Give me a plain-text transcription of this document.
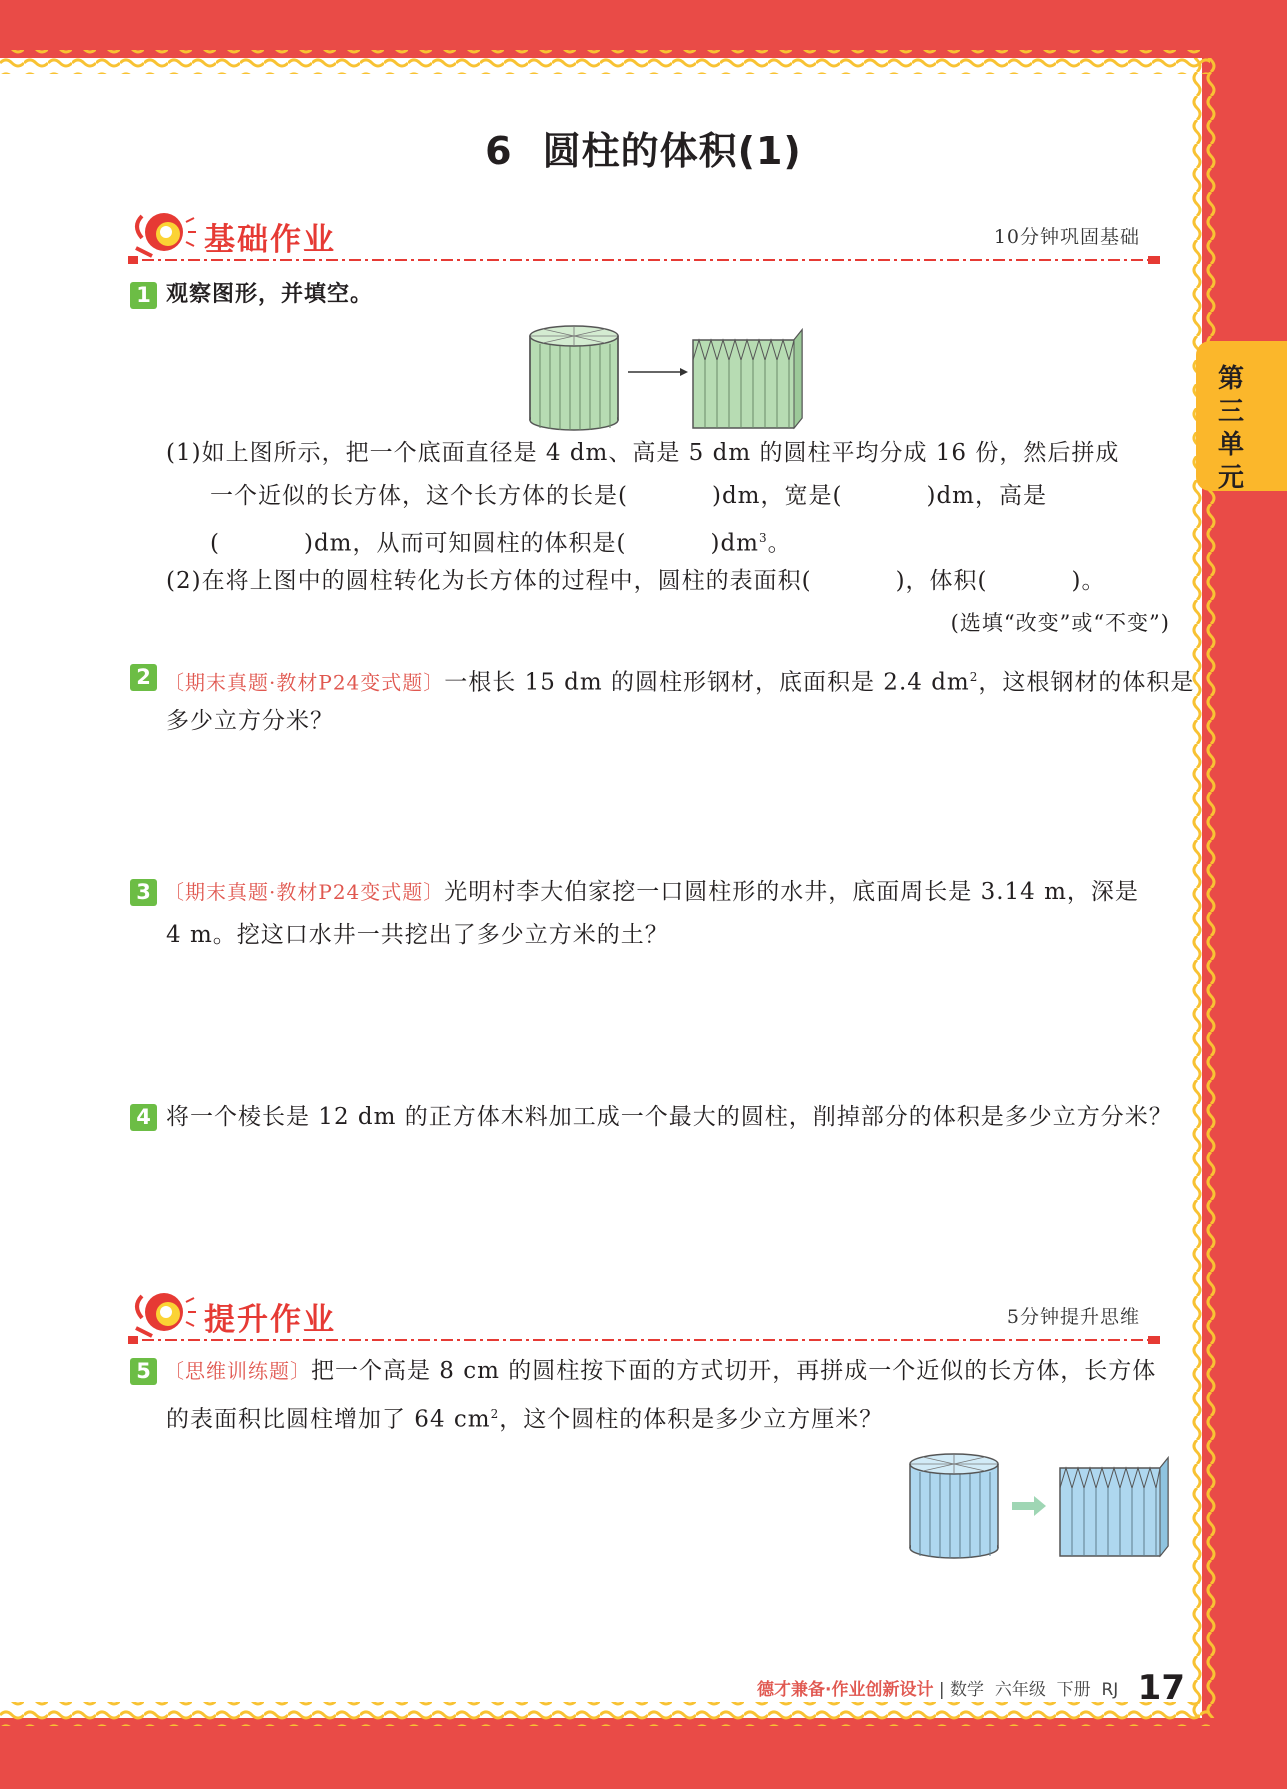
6 圆柱的体积(1)
第三单元
基础作业	10分钟巩固基础
1 观察图形，并填空。
(1)如上图所示，把一个底面直径是 4 dm、高是 5 dm 的圆柱平均分成 16 份，然后拼成
一个近似的长方体，这个长方体的长是(	)dm，宽是(	)dm，高是
(	)dm，从而可知圆柱的体积是(	)$dm^3$。
(2)在将上图中的圆柱转化为长方体的过程中，圆柱的表面积(	)，体积(	)。
(选填“改变”或“不变”)
2 〔期末真题·教材P24变式题〕一根长 15 dm 的圆柱形钢材，底面积是 2.4 $dm^2$，这根钢材的体积是
多少立方分米？
3 〔期末真题·教材P24变式题〕光明村李大伯家挖一口圆柱形的水井，底面周长是 3.14 m，深是
4 m。挖这口水井一共挖出了多少立方米的土？
4 将一个棱长是 12 dm 的正方体木料加工成一个最大的圆柱，削掉部分的体积是多少立方分米？
提升作业	5分钟提升思维
5 〔思维训练题〕把一个高是 8 cm 的圆柱按下面的方式切开，再拼成一个近似的长方体，长方体
的表面积比圆柱增加了 64 $cm^2$，这个圆柱的体积是多少立方厘米？
德才兼备·作业创新设计 | 数学  六年级  下册  RJ 17
